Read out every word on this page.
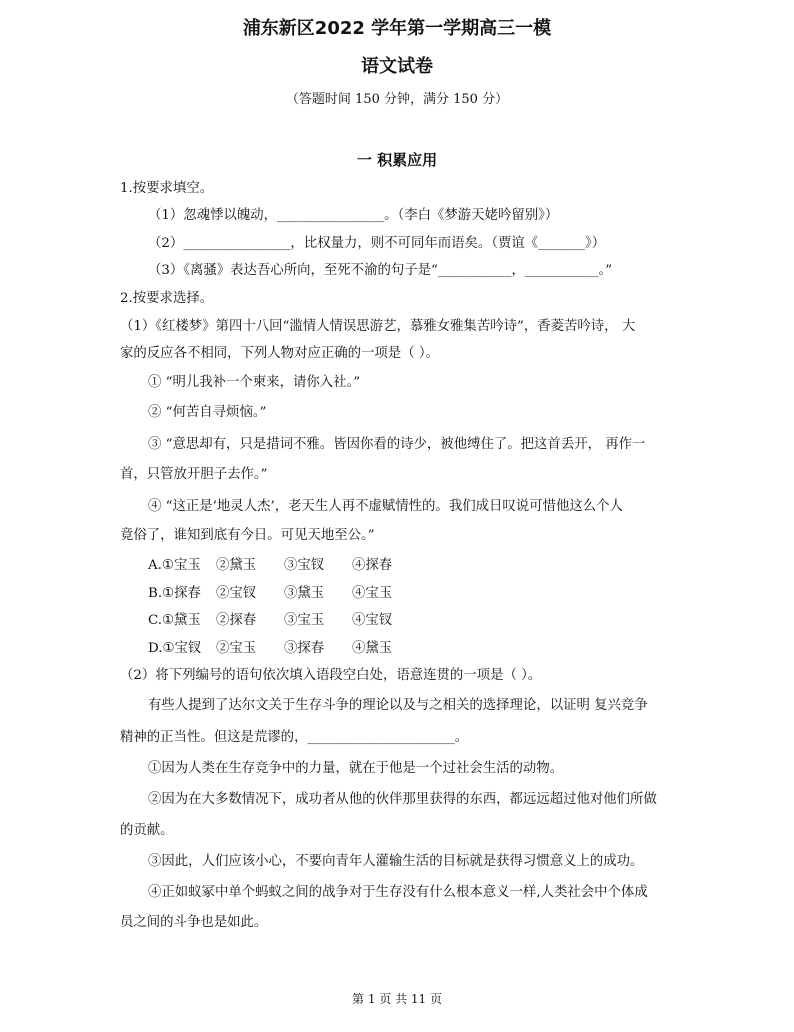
浦东新区2022 学年第一学期高三一模
语文试卷
（答题时间 150 分钟，满分 150 分）
一 积累应用
1.按要求填空。
（1）忽魂悸以魄动，________________。（李白《梦游天姥吟留别》）
（2）________________，比权量力，则不可同年而语矣。（贾谊《_______》）
（3）《离骚》表达吾心所向，至死不渝的句子是“___________，___________。”
2.按要求选择。
（1）《红楼梦》第四十八回“滥情人情误思游艺，慕雅女雅集苦吟诗”，香菱苦吟诗， 大
家的反应各不相同，下列人物对应正确的一项是（ ）。
① “明儿我补一个柬来，请你入社。”
② “何苦自寻烦恼。”
③ “意思却有，只是措词不雅。皆因你看的诗少，被他缚住了。把这首丢开， 再作一
首，只管放开胆子去作。”
④ “这正是‘地灵人杰’，老天生人再不虚赋情性的。我们成日叹说可惜他这么个人
竟俗了，谁知到底有今日。可见天地至公。”
A.①宝玉 ②黛玉 ③宝钗 ④探春
B.①探春 ②宝钗 ③黛玉 ④宝玉
C.①黛玉 ②探春 ③宝玉 ④宝钗
D.①宝钗 ②宝玉 ③探春 ④黛玉
（2）将下列编号的语句依次填入语段空白处，语意连贯的一项是（ ）。
有些人提到了达尔文关于生存斗争的理论以及与之相关的选择理论，以证明 复兴竞争
精神的正当性。但这是荒谬的，______________________。
①因为人类在生存竞争中的力量，就在于他是一个过社会生活的动物。
②因为在大多数情况下，成功者从他的伙伴那里获得的东西，都远远超过他对他们所做
的贡献。
③因此，人们应该小心，不要向青年人灌输生活的目标就是获得习惯意义上的成功。
④正如蚁冢中单个蚂蚁之间的战争对于生存没有什么根本意义一样,人类社会中个体成
员之间的斗争也是如此。
第 1 页 共 11 页
